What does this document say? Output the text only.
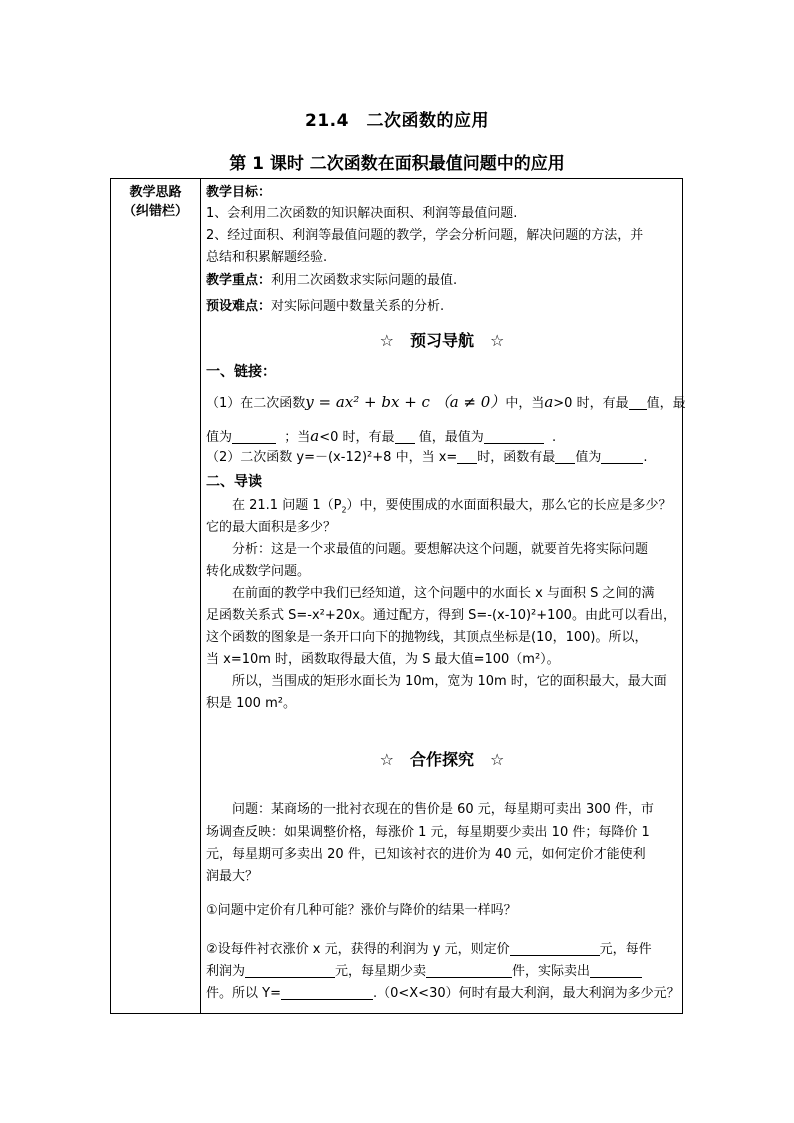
21.4　二次函数的应用
第 1 课时 二次函数在面积最值问题中的应用
教学思路
（纠错栏）
教学目标：
1、会利用二次函数的知识解决面积、利润等最值问题.
2、经过面积、利润等最值问题的教学，学会分析问题，解决问题的方法，并
总结和积累解题经验.
教学重点：利用二次函数求实际问题的最值.
预设难点：对实际问题中数量关系的分析.
☆　预习导航　☆
一、链接：
（1）在二次函数y = ax² + bx + c （a ≠ 0）中，当a>0 时，有最 值，最
值为	；当a<0 时，有最 值，最值为	.
（2）二次函数 y=－(x-12)²+8 中，当 x= 时，函数有最 值为	.
二、导读
在 21.1 问题 $1(P_2)$中，要使围成的水面面积最大，那么它的长应是多少？
它的最大面积是多少？
分析：这是一个求最值的问题。要想解决这个问题，就要首先将实际问题
转化成数学问题。
在前面的教学中我们已经知道，这个问题中的水面长 x 与面积 S 之间的满
足函数关系式 S=-x²+20x。通过配方，得到 S=-(x-10)²+100。由此可以看出，
这个函数的图象是一条开口向下的抛物线，其顶点坐标是(10，100)。所以，
当 x=10m 时，函数取得最大值，为 S 最大值=100（m²）。
所以，当围成的矩形水面长为 10m，宽为 10m 时，它的面积最大，最大面
积是 100 m²。
☆　合作探究　☆
问题：某商场的一批衬衣现在的售价是 60 元，每星期可卖出 300 件，市
场调查反映：如果调整价格，每涨价 1 元，每星期要少卖出 10 件；每降价 1
元，每星期可多卖出 20 件，已知该衬衣的进价为 40 元，如何定价才能使利
润最大？
①问题中定价有几种可能？涨价与降价的结果一样吗？
②设每件衬衣涨价 x 元，获得的利润为 y 元，则定价	元，每件
利润为	元，每星期少卖	件，实际卖出
件。所以 Y=	.（0<X<30）何时有最大利润，最大利润为多少元？
